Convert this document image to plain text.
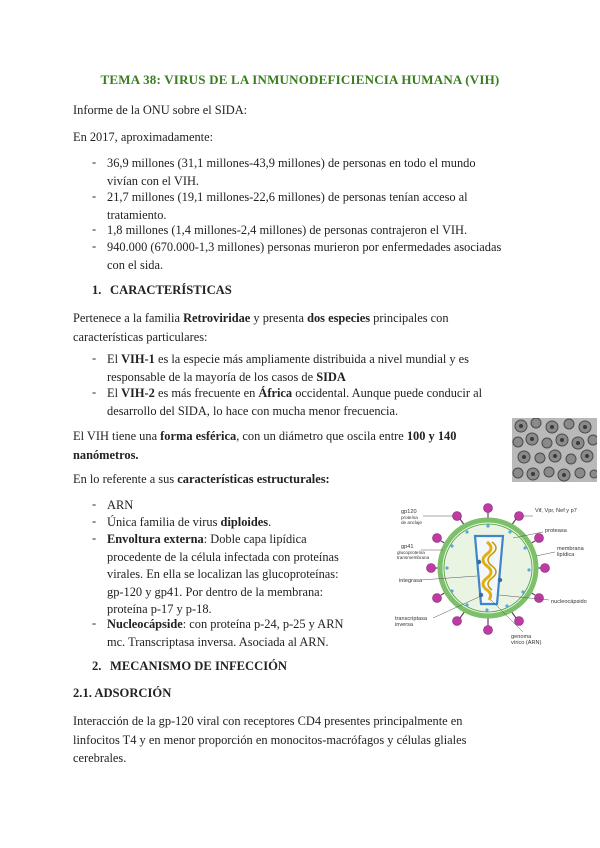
TEMA 38: VIRUS DE LA INMUNODEFICIENCIA HUMANA (VIH)
Informe de la ONU sobre el SIDA:
En 2017, aproximadamente:
- 36,9 millones (31,1 millones-43,9 millones) de personas en todo el mundo
vivían con el VIH.
- 21,7 millones (19,1 millones-22,6 millones) de personas tenían acceso al
tratamiento.
- 1,8 millones (1,4 millones-2,4 millones) de personas contrajeron el VIH.
- 940.000 (670.000-1,3 millones) personas murieron por enfermedades asociadas
con el sida.
1. CARACTERÍSTICAS
Pertenece a la familia Retroviridae y presenta dos especies principales con
características particulares:
- El VIH-1 es la especie más ampliamente distribuida a nivel mundial y es
responsable de la mayoría de los casos de SIDA
- El VIH-2 es más frecuente en África occidental. Aunque puede conducir al
desarrollo del SIDA, lo hace con mucha menor frecuencia.
El VIH tiene una forma esférica, con un diámetro que oscila entre 100 y 140
nanómetros.
En lo referente a sus características estructurales:
- ARN
- Única familia de virus diploides.
- Envoltura externa: Doble capa lipídica
procedente de la célula infectada con proteínas
virales. En ella se localizan las glucoproteínas:
gp-120 y gp41. Por dentro de la membrana:
proteína p-17 y p-18.
- Nucleocápside: con proteína p-24, p-25 y ARN
mc. Transcriptasa inversa. Asociada al ARN.
2. MECANISMO DE INFECCIÓN
2.1. ADSORCIÓN
Interacción de la gp-120 viral con receptores CD4 presentes principalmente en
linfocitos T4 y en menor proporción en monocitos-macrófagos y células gliales
cerebrales.
gp120
proteína
de anclaje
Vif, Vpr, Nef y p7
proteasa
gp41
glucoproteína
transmembrana
membrana
lipídica
integrasa
nucleocápsido
transcriptasa
inversa
genoma
vírico (ARN)
